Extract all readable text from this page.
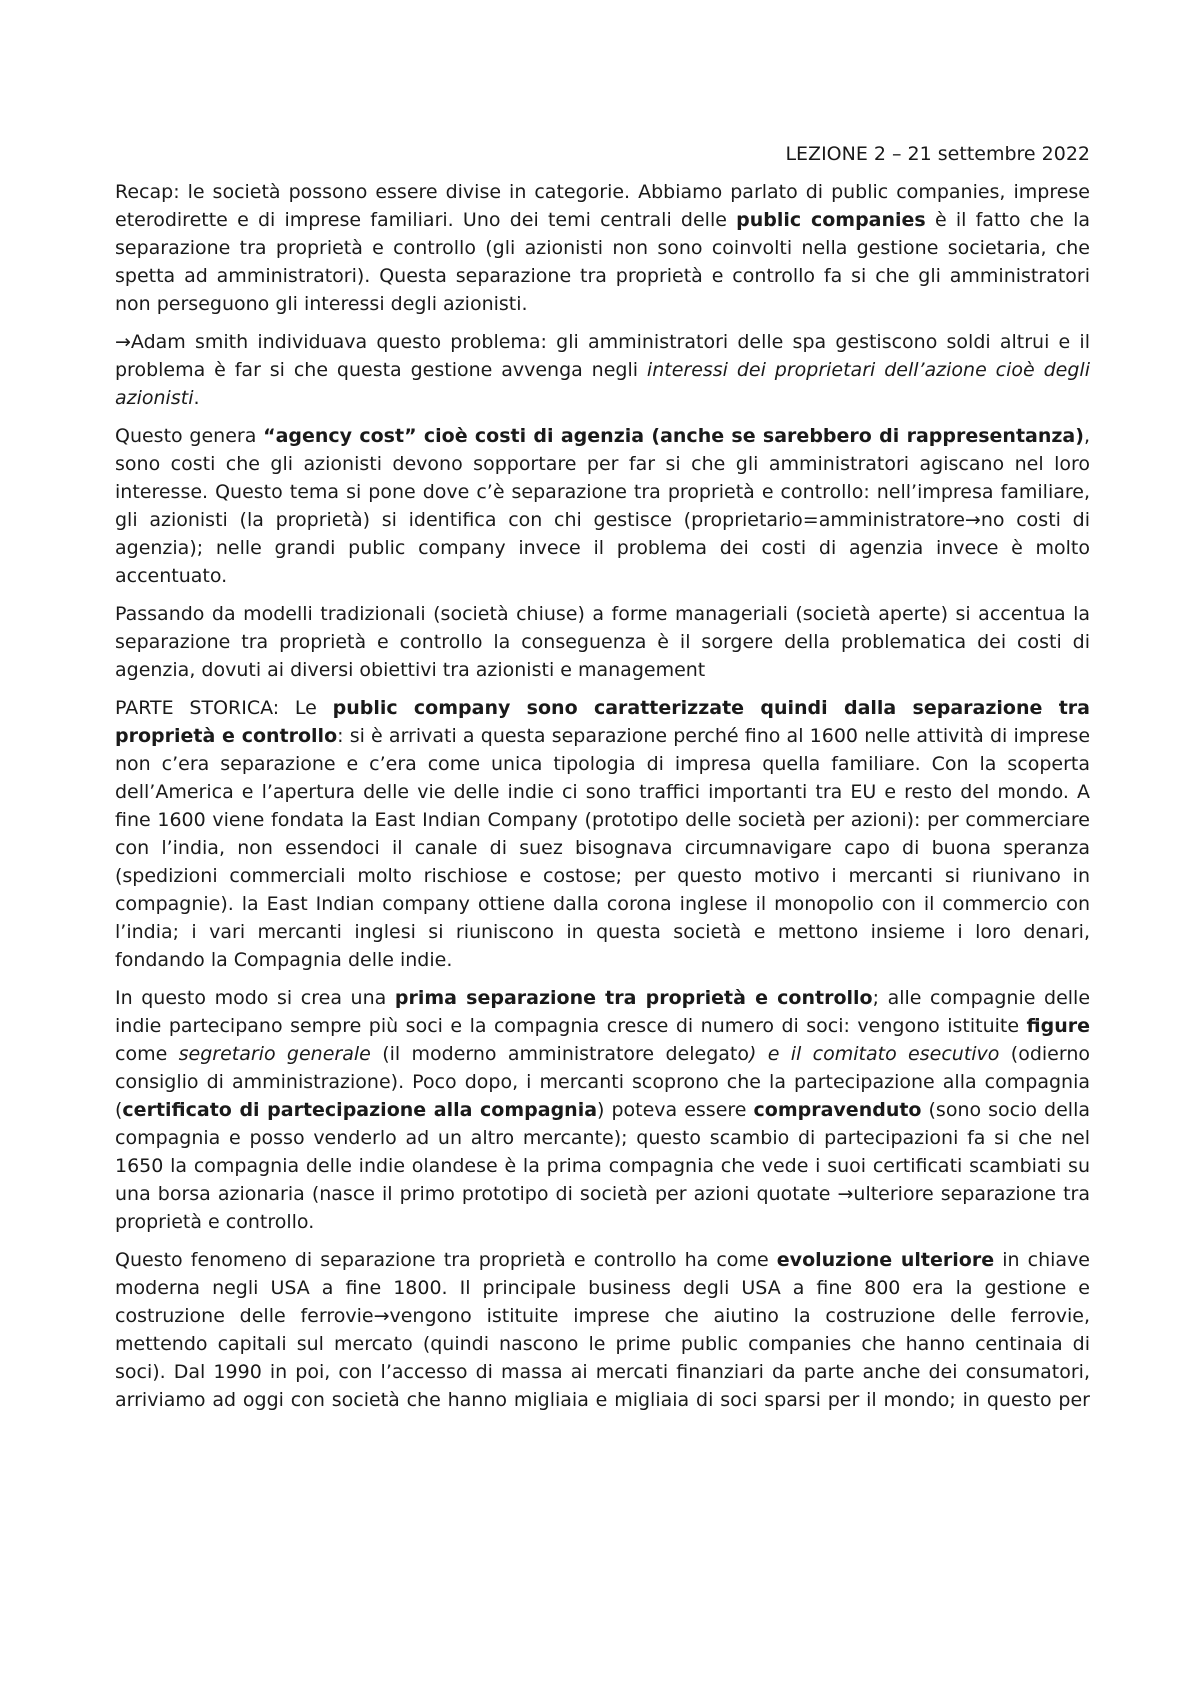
LEZIONE 2 – 21 settembre 2022

Recap: le società possono essere divise in categorie. Abbiamo parlato di public companies, imprese eterodirette e di imprese familiari. Uno dei temi centrali delle public companies è il fatto che la separazione tra proprietà e controllo (gli azionisti non sono coinvolti nella gestione societaria, che spetta ad amministratori). Questa separazione tra proprietà e controllo fa si che gli amministratori non perseguono gli interessi degli azionisti.

→Adam smith individuava questo problema: gli amministratori delle spa gestiscono soldi altrui e il problema è far si che questa gestione avvenga negli interessi dei proprietari dell’azione cioè degli azionisti.

Questo genera “agency cost” cioè costi di agenzia (anche se sarebbero di rappresentanza), sono costi che gli azionisti devono sopportare per far si che gli amministratori agiscano nel loro interesse. Questo tema si pone dove c’è separazione tra proprietà e controllo: nell’impresa familiare, gli azionisti (la proprietà) si identifica con chi gestisce (proprietario=amministratore→no costi di agenzia); nelle grandi public company invece il problema dei costi di agenzia invece è molto accentuato.

Passando da modelli tradizionali (società chiuse) a forme manageriali (società aperte) si accentua la separazione tra proprietà e controllo la conseguenza è il sorgere della problematica dei costi di agenzia, dovuti ai diversi obiettivi tra azionisti e management

PARTE STORICA: Le public company sono caratterizzate quindi dalla separazione tra proprietà e controllo: si è arrivati a questa separazione perché fino al 1600 nelle attività di imprese non c’era separazione e c’era come unica tipologia di impresa quella familiare. Con la scoperta dell’America e l’apertura delle vie delle indie ci sono traffici importanti tra EU e resto del mondo. A fine 1600 viene fondata la East Indian Company (prototipo delle società per azioni): per commerciare con l’india, non essendoci il canale di suez bisognava circumnavigare capo di buona speranza (spedizioni commerciali molto rischiose e costose; per questo motivo i mercanti si riunivano in compagnie). la East Indian company ottiene dalla corona inglese il monopolio con il commercio con l’india; i vari mercanti inglesi si riuniscono in questa società e mettono insieme i loro denari, fondando la Compagnia delle indie.

In questo modo si crea una prima separazione tra proprietà e controllo; alle compagnie delle indie partecipano sempre più soci e la compagnia cresce di numero di soci: vengono istituite figure come segretario generale (il moderno amministratore delegato) e il comitato esecutivo (odierno consiglio di amministrazione). Poco dopo, i mercanti scoprono che la partecipazione alla compagnia (certificato di partecipazione alla compagnia) poteva essere compravenduto (sono socio della compagnia e posso venderlo ad un altro mercante); questo scambio di partecipazioni fa si che nel 1650 la compagnia delle indie olandese è la prima compagnia che vede i suoi certificati scambiati su una borsa azionaria (nasce il primo prototipo di società per azioni quotate →ulteriore separazione tra proprietà e controllo.

Questo fenomeno di separazione tra proprietà e controllo ha come evoluzione ulteriore in chiave moderna negli USA a fine 1800. Il principale business degli USA a fine 800 era la gestione e costruzione delle ferrovie→vengono istituite imprese che aiutino la costruzione delle ferrovie, mettendo capitali sul mercato (quindi nascono le prime public companies che hanno centinaia di soci). Dal 1990 in poi, con l’accesso di massa ai mercati finanziari da parte anche dei consumatori, arriviamo ad oggi con società che hanno migliaia e migliaia di soci sparsi per il mondo; in questo per
